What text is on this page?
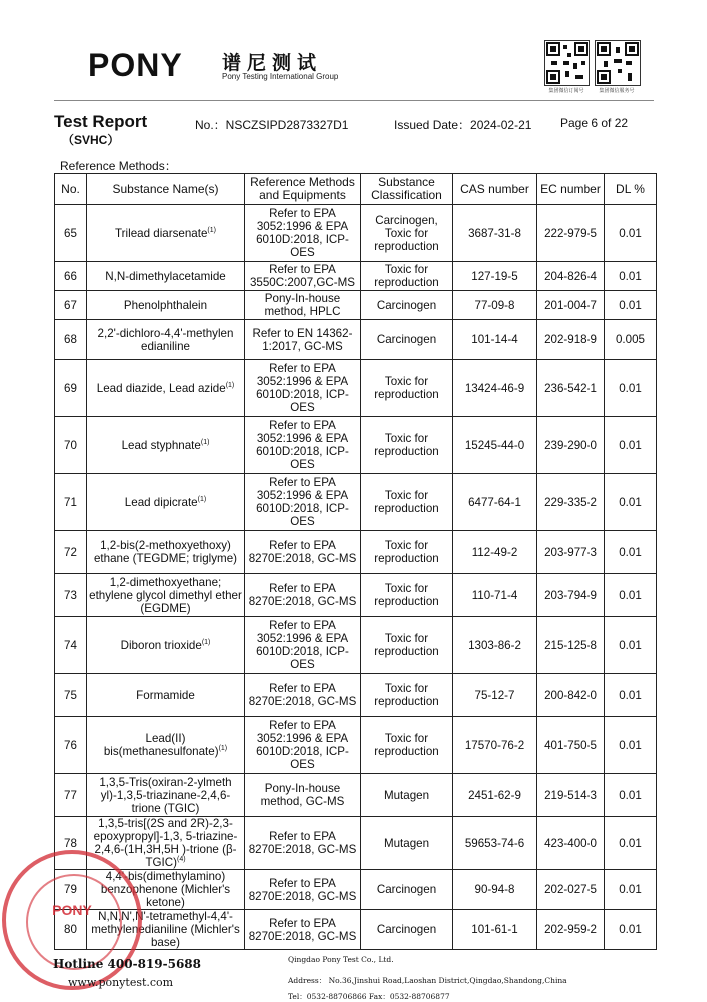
PONY 谱尼测试
Pony Testing International Group
集团微信订阅号	集团微信服务号
Test Report
（SVHC）
No.：NSCZSIPD2873327D1	Issued Date：2024-02-21 Page 6 of 22
Reference Methods：
No.	Substance Name(s)	Reference Methods and Equipments	Substance Classification	CAS number	EC number	DL %
65	Trilead diarsenate$^{(1)}$	Refer to EPA 3052:1996 & EPA 6010D:2018, ICP-OES	Carcinogen, Toxic for reproduction	3687-31-8	222-979-5	0.01
66	N,N-dimethylacetamide	Refer to EPA 3550C:2007,GC-MS	Toxic for reproduction	127-19-5	204-826-4	0.01
67	Phenolphthalein	Pony-In-house method, HPLC	Carcinogen	77-09-8	201-004-7	0.01
68	2,2'-dichloro-4,4'-methylen edianiline	Refer to EN 14362-1:2017, GC-MS	Carcinogen	101-14-4	202-918-9	0.005
69	Lead diazide, Lead azide$^{(1)}$	Refer to EPA 3052:1996 & EPA 6010D:2018, ICP-OES	Toxic for reproduction	13424-46-9	236-542-1	0.01
70	Lead styphnate$^{(1)}$	Refer to EPA 3052:1996 & EPA 6010D:2018, ICP-OES	Toxic for reproduction	15245-44-0	239-290-0	0.01
71	Lead dipicrate$^{(1)}$	Refer to EPA 3052:1996 & EPA 6010D:2018, ICP-OES	Toxic for reproduction	6477-64-1	229-335-2	0.01
72	1,2-bis(2-methoxyethoxy) ethane (TEGDME; triglyme)	Refer to EPA 8270E:2018, GC-MS	Toxic for reproduction	112-49-2	203-977-3	0.01
73	1,2-dimethoxyethane; ethylene glycol dimethyl ether (EGDME)	Refer to EPA 8270E:2018, GC-MS	Toxic for reproduction	110-71-4	203-794-9	0.01
74	Diboron trioxide$^{(1)}$	Refer to EPA 3052:1996 & EPA 6010D:2018, ICP-OES	Toxic for reproduction	1303-86-2	215-125-8	0.01
75	Formamide	Refer to EPA 8270E:2018, GC-MS	Toxic for reproduction	75-12-7	200-842-0	0.01
76	Lead(II) bis(methanesulfonate)$^{(1)}$	Refer to EPA 3052:1996 & EPA 6010D:2018, ICP-OES	Toxic for reproduction	17570-76-2	401-750-5	0.01
77	1,3,5-Tris(oxiran-2-ylmeth yl)-1,3,5-triazinane-2,4,6-trione (TGIC)	Pony-In-house method, GC-MS	Mutagen	2451-62-9	219-514-3	0.01
78	1,3,5-tris[(2S and 2R)-2,3-epoxypropyl]-1,3, 5-triazine-2,4,6-(1H,3H,5H )-trione (β-TGIC)$^{(4)}$	Refer to EPA 8270E:2018, GC-MS	Mutagen	59653-74-6	423-400-0	0.01
79	4,4'-bis(dimethylamino) benzophenone (Michler's ketone)	Refer to EPA 8270E:2018, GC-MS	Carcinogen	90-94-8	202-027-5	0.01
80	N,N,N',N'-tetramethyl-4,4'-methylenedianiline (Michler's base)	Refer to EPA 8270E:2018, GC-MS	Carcinogen	101-61-1	202-959-2	0.01
PONY
Hotline 400-819-5688
www.ponytest.com
Qingdao Pony Test Co., Ltd.
Address： No.36,Jinshui Road,Laoshan District,Qingdao,Shandong,China
Tel：0532-88706866 Fax：0532-88706877
